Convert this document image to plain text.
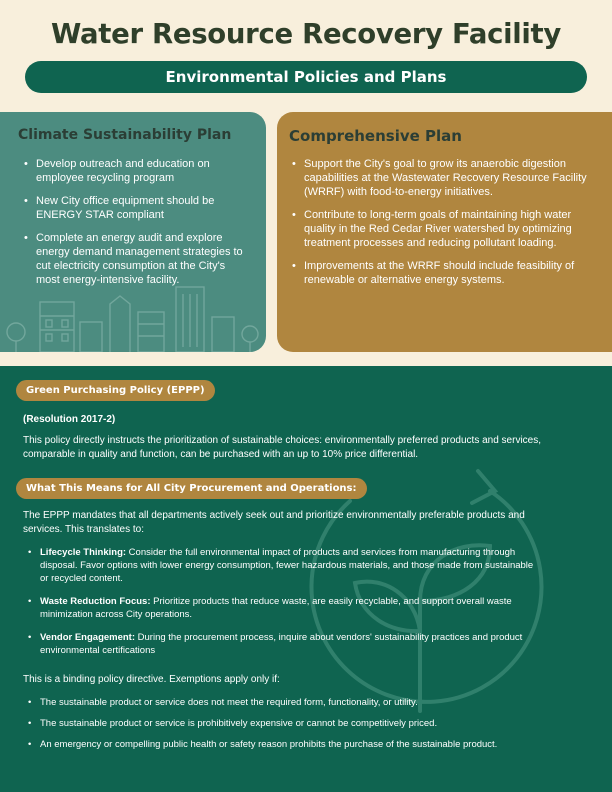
Water Resource Recovery Facility
Environmental Policies and Plans
Climate Sustainability Plan
• Develop outreach and education on employee recycling program
• New City office equipment should be ENERGY STAR compliant
• Complete an energy audit and explore energy demand management strategies to cut electricity consumption at the City's most energy-intensive facility.
Comprehensive Plan
• Support the City's goal to grow its anaerobic digestion capabilities at the Wastewater Recovery Resource Facility (WRRF) with food-to-energy initiatives.
• Contribute to long-term goals of maintaining high water quality in the Red Cedar River watershed by optimizing treatment processes and reducing pollutant loading.
• Improvements at the WRRF should include feasibility of renewable or alternative energy systems.
Green Purchasing Policy (EPPP)
(Resolution 2017-2)
This policy directly instructs the prioritization of sustainable choices: environmentally preferred products and services, comparable in quality and function, can be purchased with an up to 10% price differential.
What This Means for All City Procurement and Operations:
The EPPP mandates that all departments actively seek out and prioritize environmentally preferable products and services. This translates to:
• Lifecycle Thinking: Consider the full environmental impact of products and services from manufacturing through disposal. Favor options with lower energy consumption, fewer hazardous materials, and those made from sustainable or recycled content.
• Waste Reduction Focus: Prioritize products that reduce waste, are easily recyclable, and support overall waste minimization across City operations.
• Vendor Engagement: During the procurement process, inquire about vendors' sustainability practices and product environmental certifications
This is a binding policy directive. Exemptions apply only if:
• The sustainable product or service does not meet the required form, functionality, or utility.
• The sustainable product or service is prohibitively expensive or cannot be competitively priced.
• An emergency or compelling public health or safety reason prohibits the purchase of the sustainable product.
